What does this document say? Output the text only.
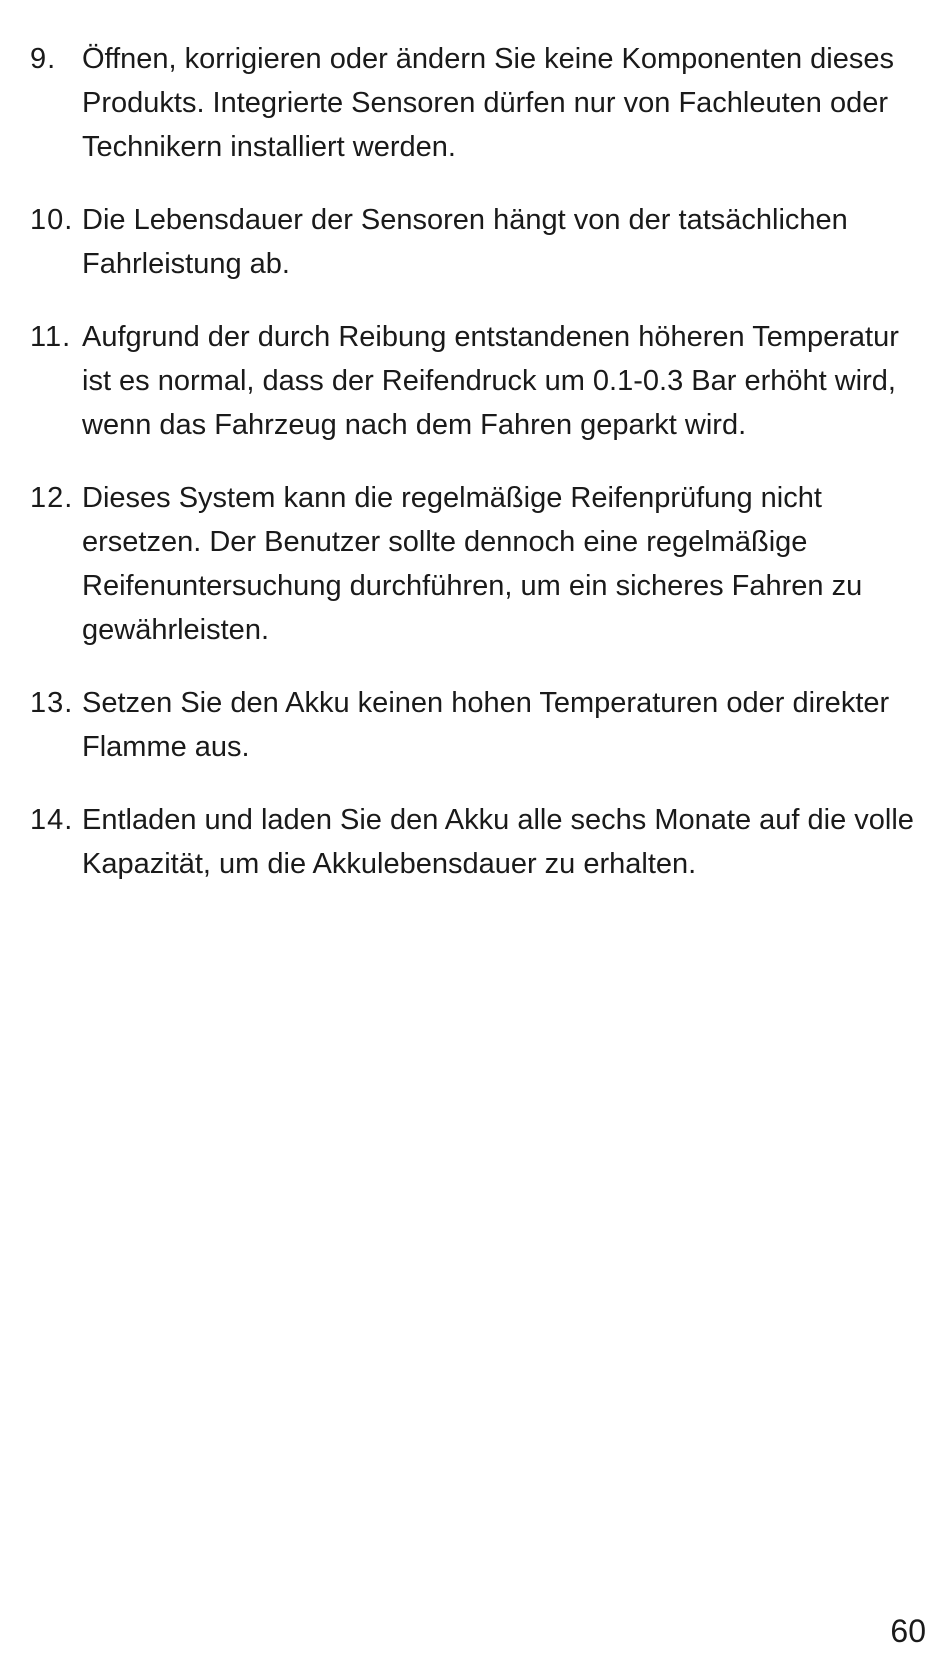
9. Öffnen, korrigieren oder ändern Sie keine Komponenten dieses Produkts. Integrierte Sensoren dürfen nur von Fachleuten oder Technikern installiert werden.
10. Die Lebensdauer der Sensoren hängt von der tatsächlichen Fahrleistung ab.
11. Aufgrund der durch Reibung entstandenen höheren Temperatur ist es normal, dass der Reifendruck um 0.1-0.3 Bar erhöht wird, wenn das Fahrzeug nach dem Fahren geparkt wird.
12. Dieses System kann die regelmäßige Reifenprüfung nicht ersetzen. Der Benutzer sollte dennoch eine regelmäßige Reifenuntersuchung durchführen, um ein sicheres Fahren zu gewährleisten.
13. Setzen Sie den Akku keinen hohen Temperaturen oder direkter Flamme aus.
14. Entladen und laden Sie den Akku alle sechs Monate auf die volle Kapazität, um die Akkulebensdauer zu erhalten.
60
